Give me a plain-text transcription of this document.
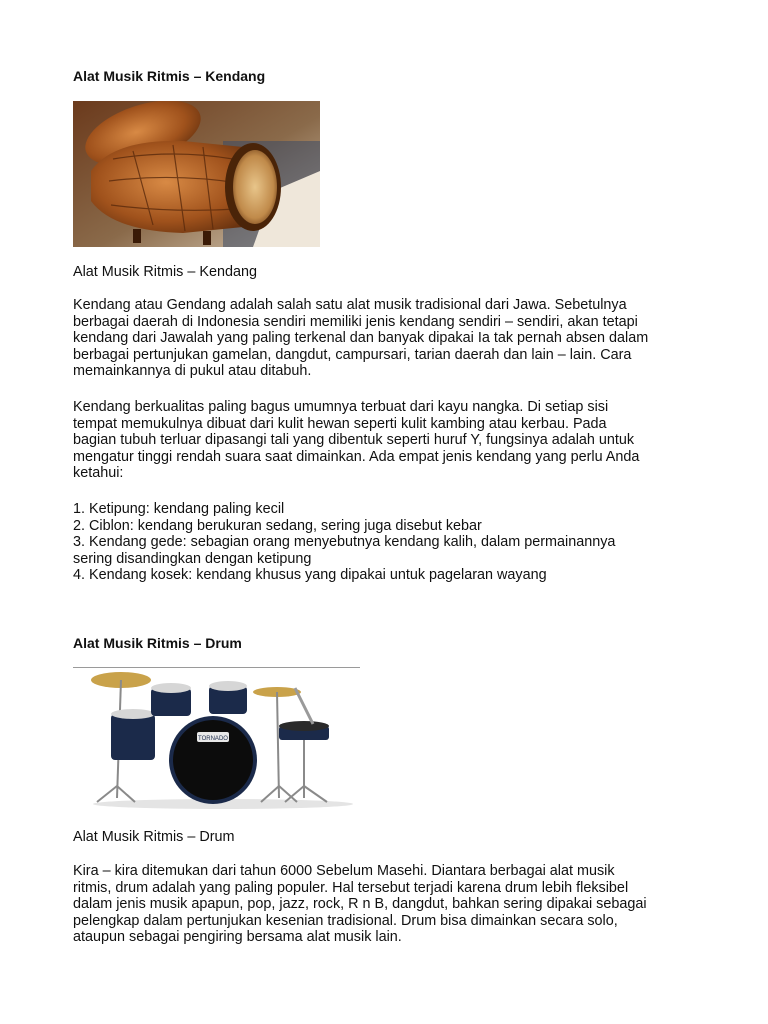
Alat Musik Ritmis – Kendang

Alat Musik Ritmis – Kendang

Kendang atau Gendang adalah salah satu alat musik tradisional dari Jawa. Sebetulnya
berbagai daerah di Indonesia sendiri memiliki jenis kendang sendiri – sendiri, akan tetapi
kendang dari Jawalah yang paling terkenal dan banyak dipakai Ia tak pernah absen dalam
berbagai pertunjukan gamelan, dangdut, campursari, tarian daerah dan lain – lain. Cara
memainkannya di pukul atau ditabuh.

Kendang berkualitas paling bagus umumnya terbuat dari kayu nangka. Di setiap sisi
tempat memukulnya dibuat dari kulit hewan seperti kulit kambing atau kerbau. Pada
bagian tubuh terluar dipasangi tali yang dibentuk seperti huruf Y, fungsinya adalah untuk
mengatur tinggi rendah suara saat dimainkan. Ada empat jenis kendang yang perlu Anda
ketahui:

1. Ketipung: kendang paling kecil
2. Ciblon: kendang berukuran sedang, sering juga disebut kebar
3. Kendang gede: sebagian orang menyebutnya kendang kalih, dalam permainannya
sering disandingkan dengan ketipung
4. Kendang kosek: kendang khusus yang dipakai untuk pagelaran wayang

Alat Musik Ritmis – Drum
TORNADO

Alat Musik Ritmis – Drum

Kira – kira ditemukan dari tahun 6000 Sebelum Masehi. Diantara berbagai alat musik
ritmis, drum adalah yang paling populer. Hal tersebut terjadi karena drum lebih fleksibel
dalam jenis musik apapun, pop, jazz, rock, R n B, dangdut, bahkan sering dipakai sebagai
pelengkap dalam pertunjukan kesenian tradisional. Drum bisa dimainkan secara solo,
ataupun sebagai pengiring bersama alat musik lain.
